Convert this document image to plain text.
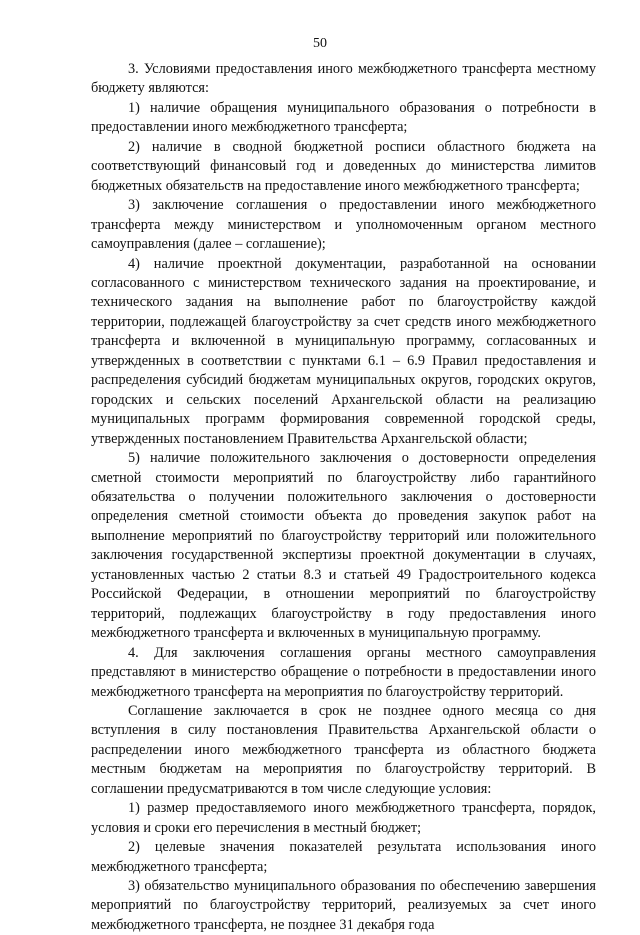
50

3. Условиями предоставления иного межбюджетного трансферта местному бюджету являются:

1) наличие обращения муниципального образования о потребности в предоставлении иного межбюджетного трансферта;

2) наличие в сводной бюджетной росписи областного бюджета на соответствующий финансовый год и доведенных до министерства лимитов бюджетных обязательств на предоставление иного межбюджетного трансферта;

3) заключение соглашения о предоставлении иного межбюджетного трансферта между министерством и уполномоченным органом местного самоуправления (далее – соглашение);

4) наличие проектной документации, разработанной на основании согласованного с министерством технического задания на проектирование, и технического задания на выполнение работ по благоустройству каждой территории, подлежащей благоустройству за счет средств иного межбюджетного трансферта и включенной в муниципальную программу, согласованных и утвержденных в соответствии с пунктами 6.1 – 6.9 Правил предоставления и распределения субсидий бюджетам муниципальных округов, городских округов, городских и сельских поселений Архангельской области на реализацию муниципальных программ формирования современной городской среды, утвержденных постановлением Правительства Архангельской области;

5) наличие положительного заключения о достоверности определения сметной стоимости мероприятий по благоустройству либо гарантийного обязательства о получении положительного заключения о достоверности определения сметной стоимости объекта до проведения закупок работ на выполнение мероприятий по благоустройству территорий или положительного заключения государственной экспертизы проектной документации в случаях, установленных частью 2 статьи 8.3 и статьей 49 Градостроительного кодекса Российской Федерации, в отношении мероприятий по благоустройству территорий, подлежащих благоустройству в году предоставления иного межбюджетного трансферта и включенных в муниципальную программу.

4. Для заключения соглашения органы местного самоуправления представляют в министерство обращение о потребности в предоставлении иного межбюджетного трансферта на мероприятия по благоустройству территорий.

Соглашение заключается в срок не позднее одного месяца со дня вступления в силу постановления Правительства Архангельской области о распределении иного межбюджетного трансферта из областного бюджета местным бюджетам на мероприятия по благоустройству территорий. В соглашении предусматриваются в том числе следующие условия:

1) размер предоставляемого иного межбюджетного трансферта, порядок, условия и сроки его перечисления в местный бюджет;

2) целевые значения показателей результата использования иного межбюджетного трансферта;

3) обязательство муниципального образования по обеспечению завершения мероприятий по благоустройству территорий, реализуемых за счет иного межбюджетного трансферта, не позднее 31 декабря года
